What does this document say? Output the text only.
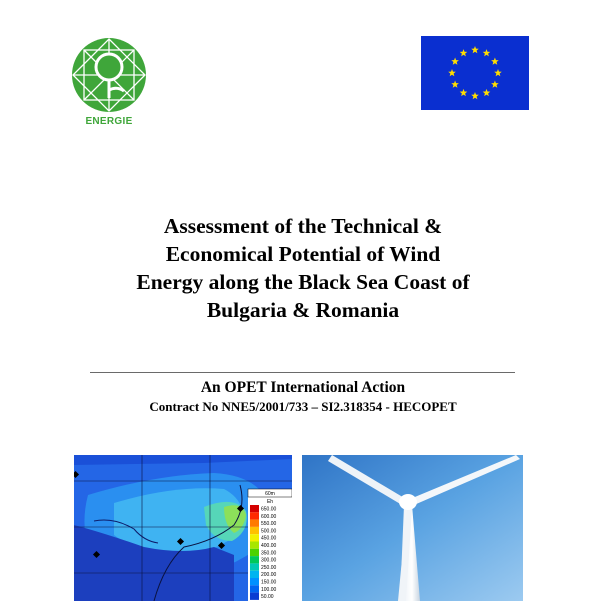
ENERGIE
Assessment of the Technical &
Economical Potential of Wind
Energy along the Black Sea Coast of
Bulgaria & Romania
An OPET International Action
Contract No NNE5/2001/733 – SI2.318354 - HECOPET
60m
Eh
650.00
600.00
550.00
500.00
450.00
400.00
350.00
300.00
250.00
200.00
150.00
100.00
50.00
